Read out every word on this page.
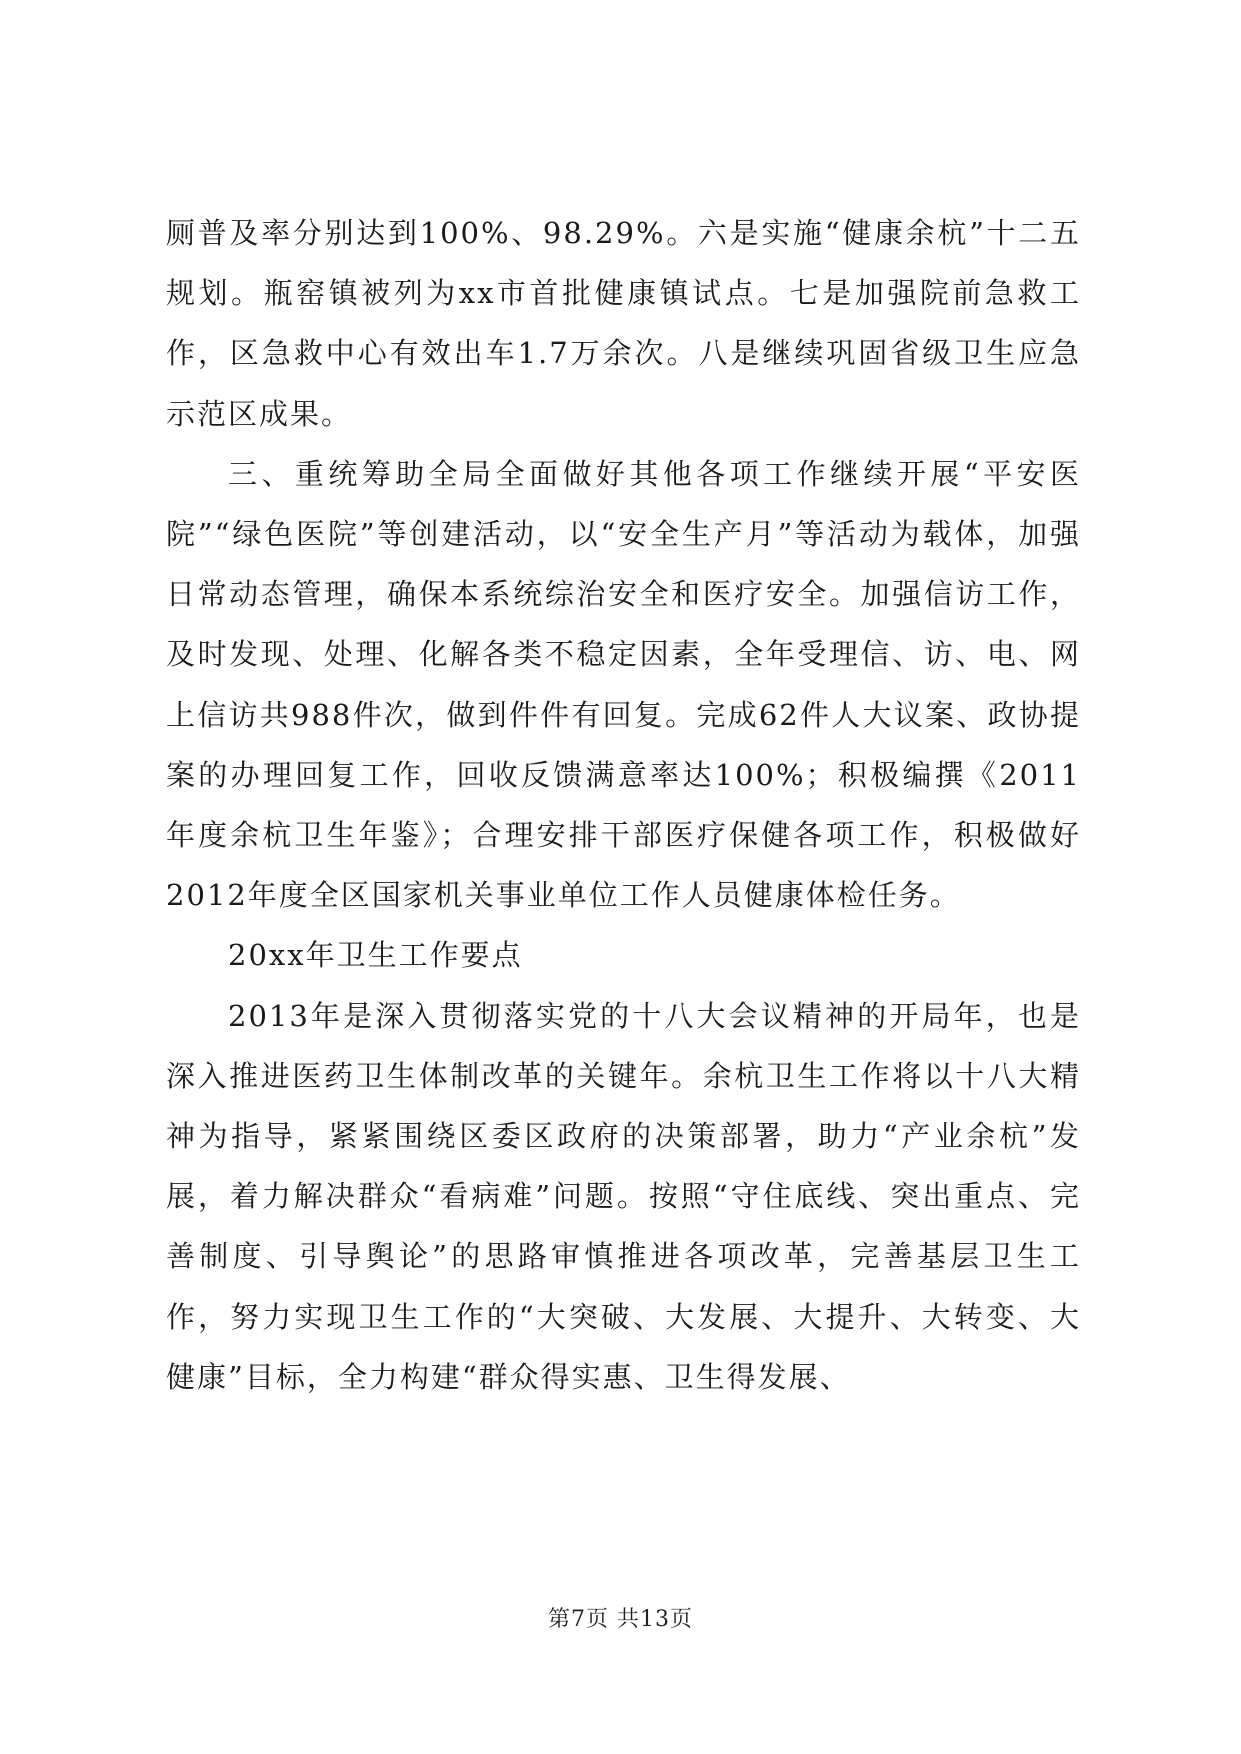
厕普及率分别达到100%、98.29%。六是实施“健康余杭”十二五规划。瓶窑镇被列为xx市首批健康镇试点。七是加强院前急救工作，区急救中心有效出车1.7万余次。八是继续巩固省级卫生应急示范区成果。

三、重统筹助全局全面做好其他各项工作继续开展“平安医院”“绿色医院”等创建活动，以“安全生产月”等活动为载体，加强日常动态管理，确保本系统综治安全和医疗安全。加强信访工作，及时发现、处理、化解各类不稳定因素，全年受理信、访、电、网上信访共988件次，做到件件有回复。完成62件人大议案、政协提案的办理回复工作，回收反馈满意率达100%；积极编撰《2011年度余杭卫生年鉴》；合理安排干部医疗保健各项工作，积极做好2012年度全区国家机关事业单位工作人员健康体检任务。

20xx年卫生工作要点

2013年是深入贯彻落实党的十八大会议精神的开局年，也是深入推进医药卫生体制改革的关键年。余杭卫生工作将以十八大精神为指导，紧紧围绕区委区政府的决策部署，助力“产业余杭”发展，着力解决群众“看病难”问题。按照“守住底线、突出重点、完善制度、引导舆论”的思路审慎推进各项改革，完善基层卫生工作，努力实现卫生工作的“大突破、大发展、大提升、大转变、大健康”目标，全力构建“群众得实惠、卫生得发展、

第7页 共13页
